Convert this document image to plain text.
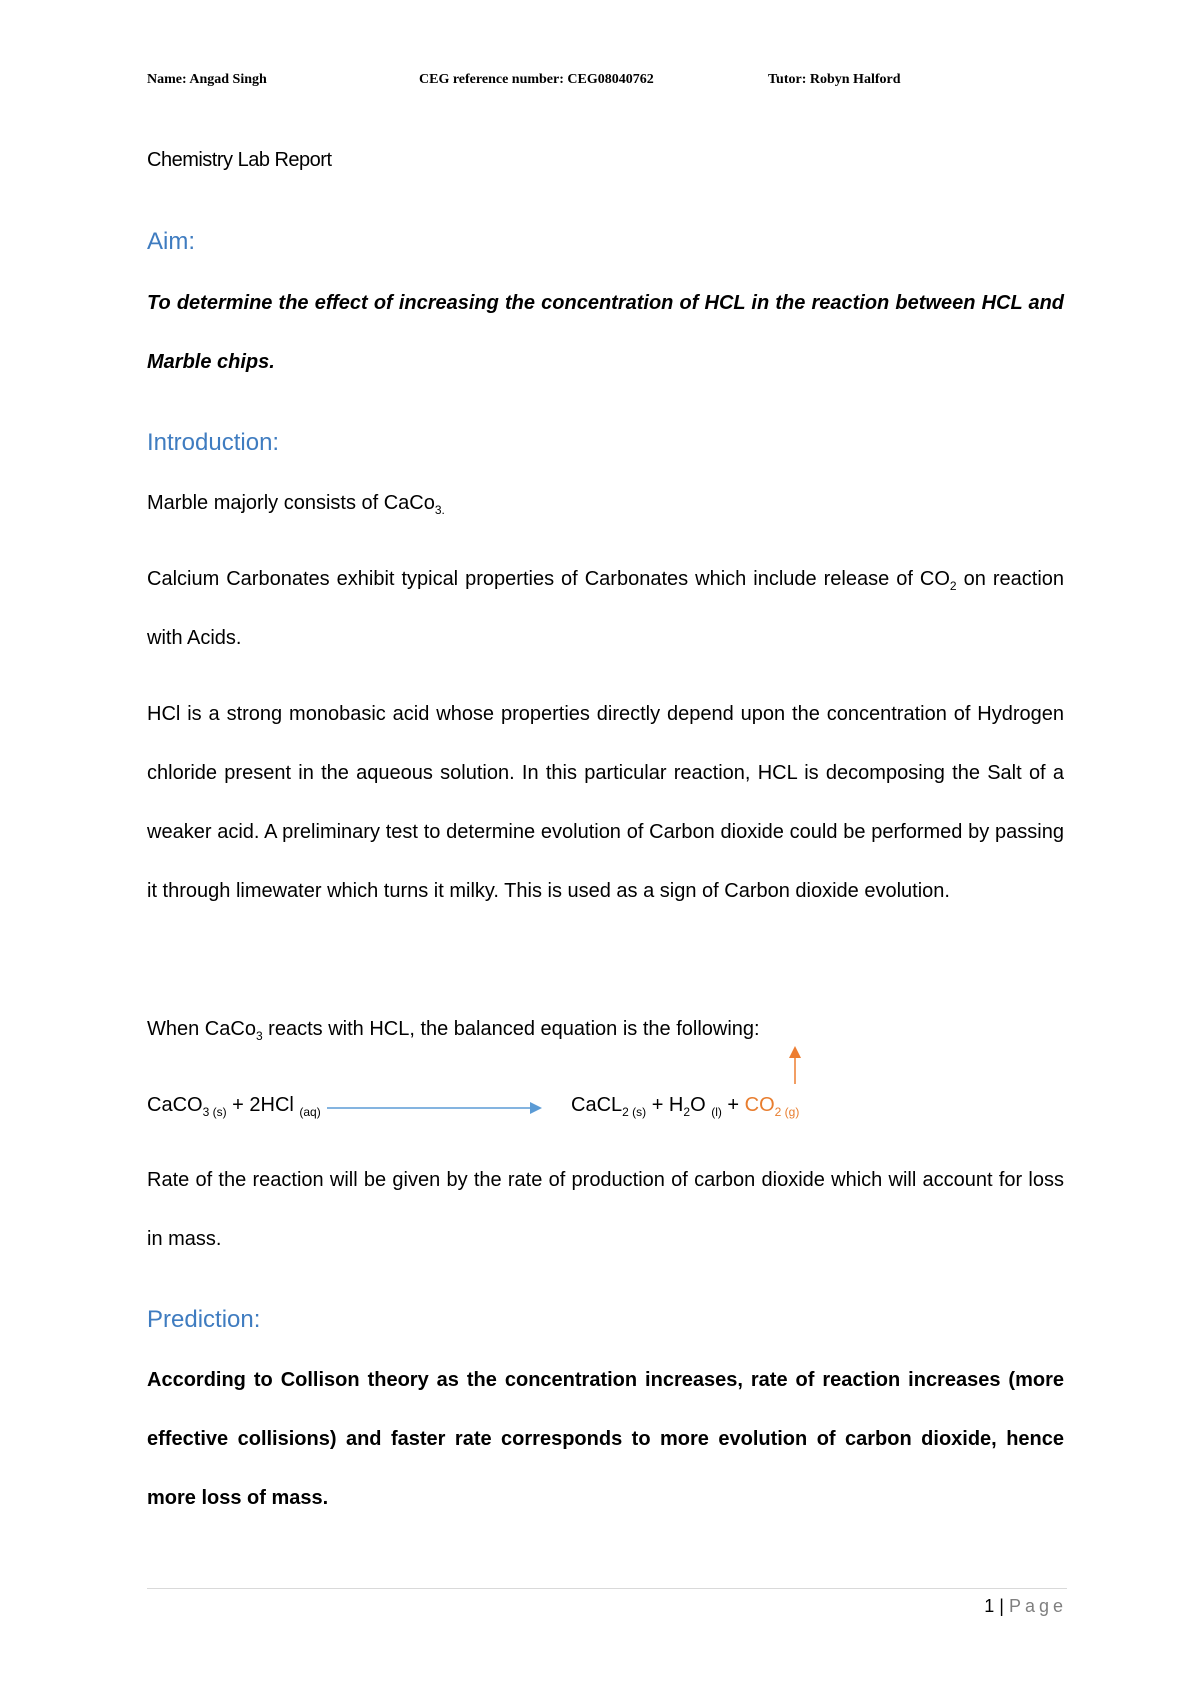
Name: Angad Singh	CEG reference number: CEG08040762	Tutor: Robyn Halford
Chemistry Lab Report
Aim:
To determine the effect of increasing the concentration of HCL in the reaction between HCL and Marble chips.
Introduction:
Marble majorly consists of CaCo$_{3.}$
Calcium Carbonates exhibit typical properties of Carbonates which include release of $CO_2$ on reaction with Acids.
HCl is a strong monobasic acid whose properties directly depend upon the concentration of Hydrogen chloride present in the aqueous solution. In this particular reaction, HCL is decomposing the Salt of a weaker acid. A preliminary test to determine evolution of Carbon dioxide could be performed by passing it through limewater which turns it milky. This is used as a sign of Carbon dioxide evolution.
When CaCo$_3$ reacts with HCL, the balanced equation is the following:
CaCO$_{3 (s)}$ + 2HCl $_{(aq)}$	CaCL$_{2 (s)}$ + $H_2O$ $_{(l)} + CO_{2 (g)}$
Rate of the reaction will be given by the rate of production of carbon dioxide which will account for loss in mass.
Prediction:
According to Collison theory as the concentration increases, rate of reaction increases (more effective collisions) and faster rate corresponds to more evolution of carbon dioxide, hence more loss of mass.
1 | Page
